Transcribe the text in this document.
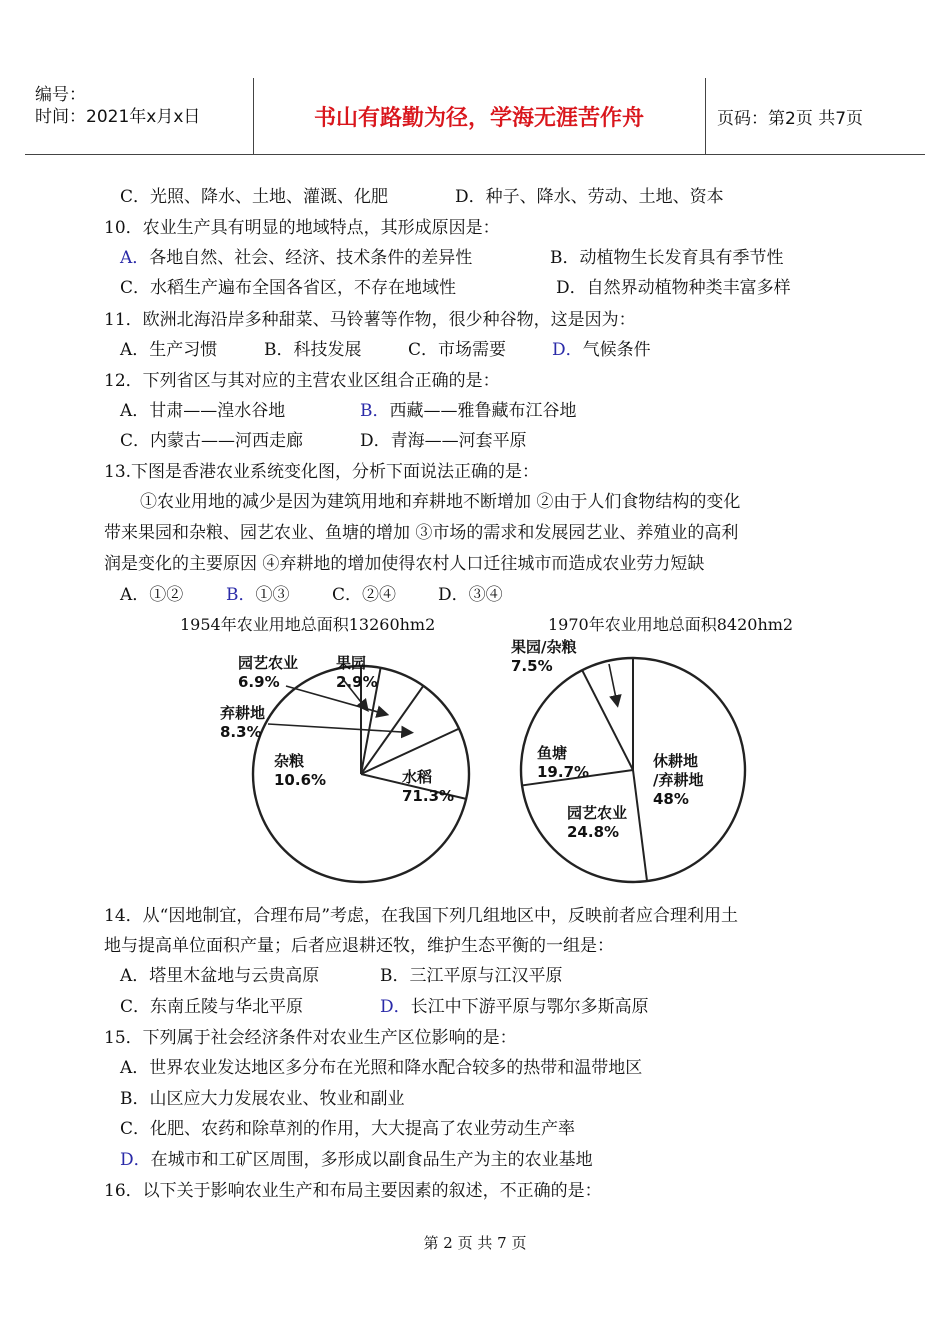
编号：
时间：2021年x月x日	书山有路勤为径，学海无涯苦作舟	页码：第2页 共7页
C．光照、降水、土地、灌溉、化肥	D．种子、降水、劳动、土地、资本
10．农业生产具有明显的地域特点，其形成原因是：
A．各地自然、社会、经济、技术条件的差异性	B．动植物生长发育具有季节性
C．水稻生产遍布全国各省区，不存在地域性	D．自然界动植物种类丰富多样
11．欧洲北海沿岸多种甜菜、马铃薯等作物，很少种谷物，这是因为：
A．生产习惯	B．科技发展	C．市场需要	D．气候条件
12．下列省区与其对应的主营农业区组合正确的是：
A．甘肃——湟水谷地	B．西藏——雅鲁藏布江谷地
C．内蒙古——河西走廊	D．青海——河套平原
13.下图是香港农业系统变化图，分析下面说法正确的是：
①农业用地的减少是因为建筑用地和弃耕地不断增加 ②由于人们食物结构的变化
带来果园和杂粮、园艺农业、鱼塘的增加 ③市场的需求和发展园艺业、养殖业的高利
润是变化的主要原因 ④弃耕地的增加使得农村人口迁往城市而造成农业劳力短缺
A．①②	B．①③	C．②④ D．③④
1954年农业用地总面积13260hm2	1970年农业用地总面积8420hm2
水稻 71.3%
杂粮 10.6%
弃耕地 8.3%
园艺农业 6.9%
果园 2.9%
休耕地/弃耕地 48%
园艺农业 24.8%
鱼塘 19.7%
果园/杂粮 7.5%
14．从“因地制宜，合理布局”考虑，在我国下列几组地区中，反映前者应合理利用土
地与提高单位面积产量；后者应退耕还牧，维护生态平衡的一组是：
A．塔里木盆地与云贵高原	B．三江平原与江汉平原
C．东南丘陵与华北平原	D．长江中下游平原与鄂尔多斯高原
15．下列属于社会经济条件对农业生产区位影响的是：
A．世界农业发达地区多分布在光照和降水配合较多的热带和温带地区
B．山区应大力发展农业、牧业和副业
C．化肥、农药和除草剂的作用，大大提高了农业劳动生产率
D．在城市和工矿区周围，多形成以副食品生产为主的农业基地
16．以下关于影响农业生产和布局主要因素的叙述，不正确的是：
第 2 页 共 7 页
